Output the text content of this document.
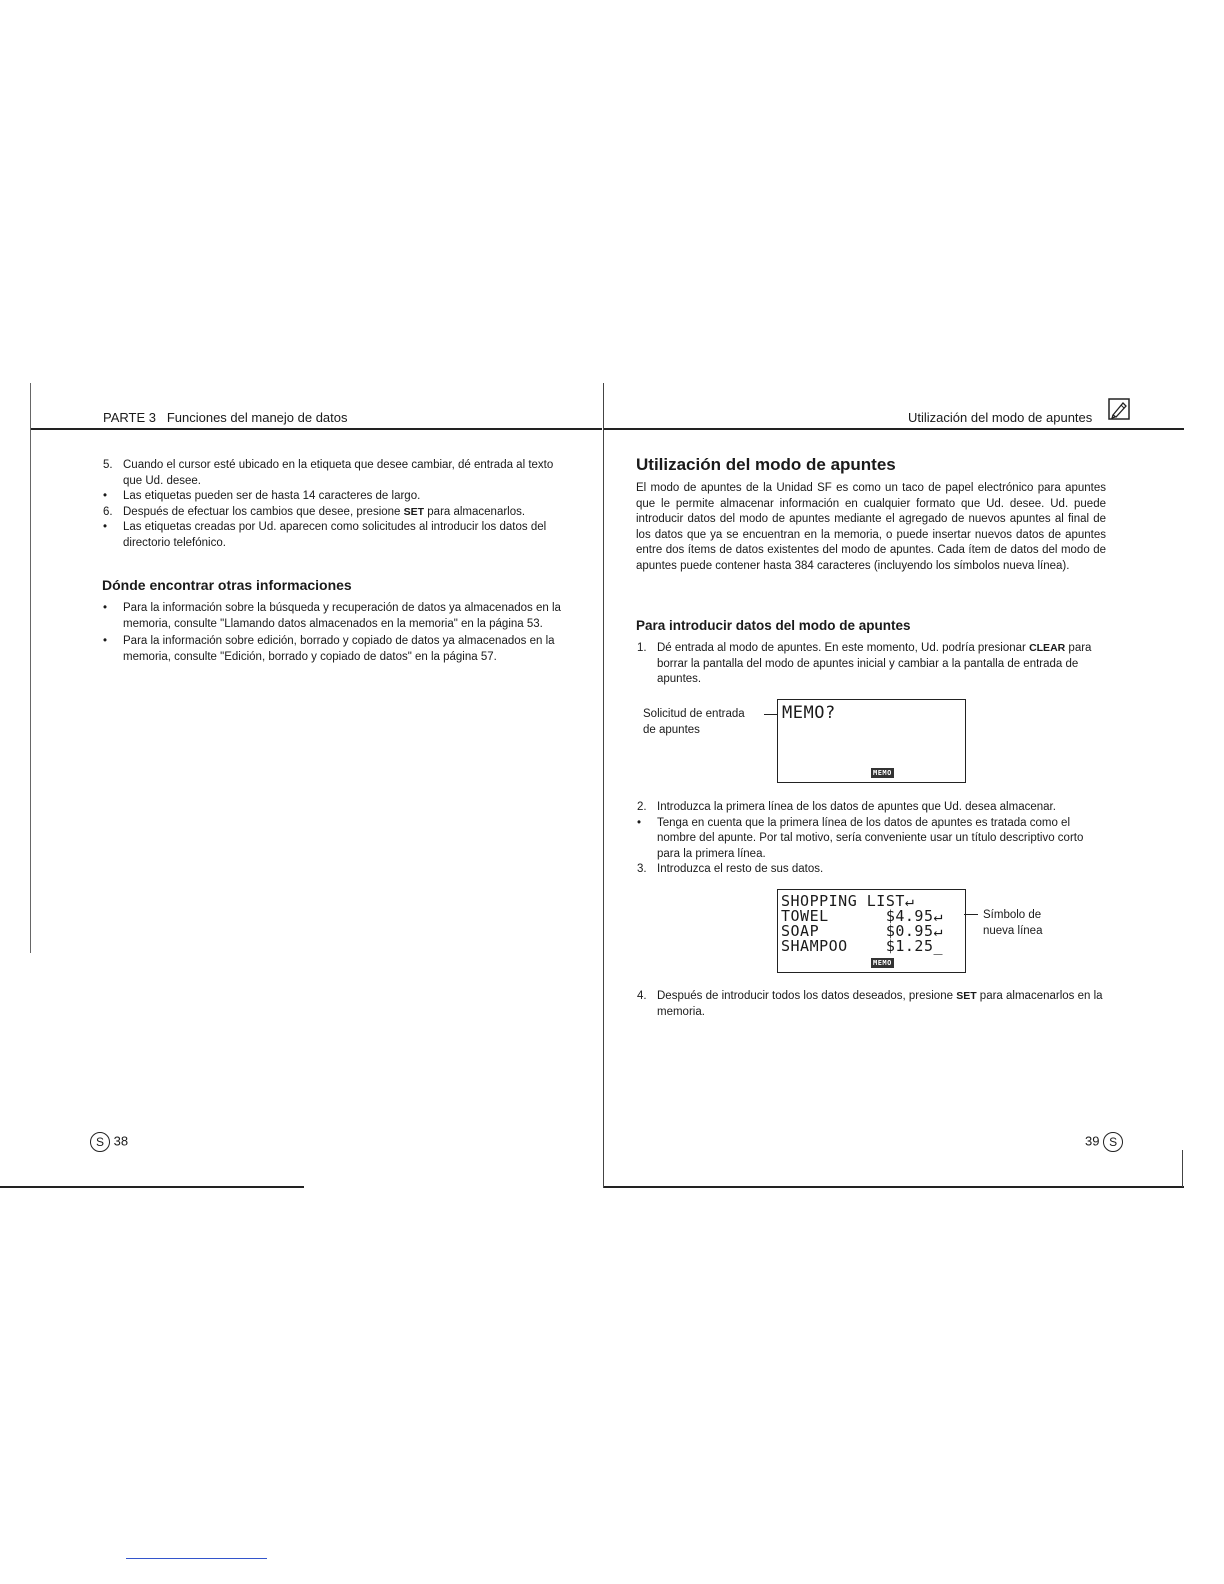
PARTE 3 Funciones del manejo de datos
5. Cuando el cursor esté ubicado en la etiqueta que desee cambiar, dé entrada al texto que Ud. desee.
• Las etiquetas pueden ser de hasta 14 caracteres de largo.
6. Después de efectuar los cambios que desee, presione SET para almacenarlos.
• Las etiquetas creadas por Ud. aparecen como solicitudes al introducir los datos del directorio telefónico.
Dónde encontrar otras informaciones
• Para la información sobre la búsqueda y recuperación de datos ya almacenados en la memoria, consulte "Llamando datos almacenados en la memoria" en la página 53.
• Para la información sobre edición, borrado y copiado de datos ya almacenados en la memoria, consulte "Edición, borrado y copiado de datos" en la página 57.
S 38
Utilización del modo de apuntes
Utilización del modo de apuntes

El modo de apuntes de la Unidad SF es como un taco de papel electrónico para apuntes que le permite almacenar información en cualquier formato que Ud. desee. Ud. puede introducir datos del modo de apuntes mediante el agregado de nuevos apuntes al final de los datos que ya se encuentran en la memoria, o puede insertar nuevos datos de apuntes entre dos ítems de datos existentes del modo de apuntes. Cada ítem de datos del modo de apuntes puede contener hasta 384 caracteres (incluyendo los símbolos nueva línea).

Para introducir datos del modo de apuntes
1. Dé entrada al modo de apuntes. En este momento, Ud. podría presionar CLEAR para borrar la pantalla del modo de apuntes inicial y cambiar a la pantalla de entrada de apuntes.
Solicitud de entrada
de apuntes
MEMO?
MEMO
2. Introduzca la primera línea de los datos de apuntes que Ud. desea almacenar.
• Tenga en cuenta que la primera línea de los datos de apuntes es tratada como el nombre del apunte. Por tal motivo, sería conveniente usar un título descriptivo corto para la primera línea.
3. Introduzca el resto de sus datos.
SHOPPING LIST↵
TOWEL      $4.95↵
SOAP       $0.95↵
SHAMPOO    $1.25_
MEMO
Símbolo de
nueva línea
4. Después de introducir todos los datos deseados, presione SET para almacenarlos en la memoria.
39 S
